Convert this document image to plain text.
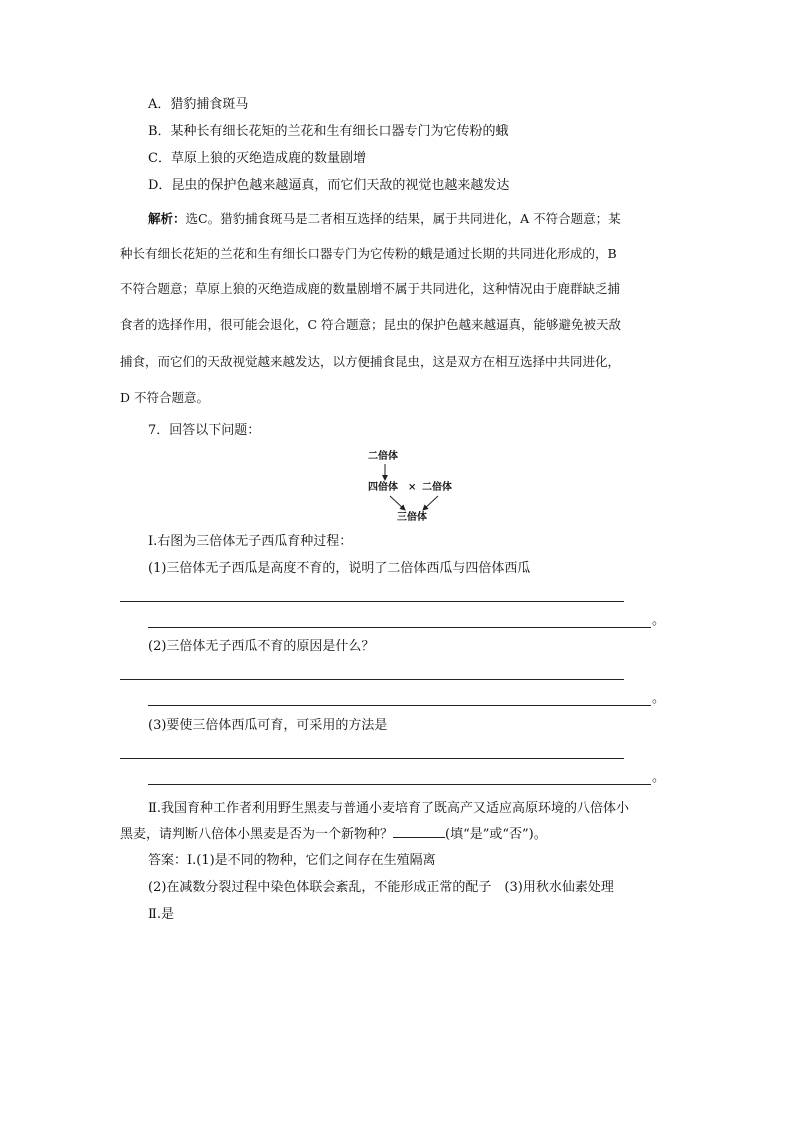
A．猎豹捕食斑马
B．某种长有细长花矩的兰花和生有细长口器专门为它传粉的蛾
C．草原上狼的灭绝造成鹿的数量剧增
D．昆虫的保护色越来越逼真，而它们天敌的视觉也越来越发达
解析：选C。猎豹捕食斑马是二者相互选择的结果，属于共同进化，A 不符合题意；某
种长有细长花矩的兰花和生有细长口器专门为它传粉的蛾是通过长期的共同进化形成的，B
不符合题意；草原上狼的灭绝造成鹿的数量剧增不属于共同进化，这种情况由于鹿群缺乏捕
食者的选择作用，很可能会退化，C 符合题意；昆虫的保护色越来越逼真，能够避免被天敌
捕食，而它们的天敌视觉越来越发达，以方便捕食昆虫，这是双方在相互选择中共同进化，
D 不符合题意。
7．回答以下问题：
二倍体
四倍体 × 二倍体
三倍体
Ⅰ.右图为三倍体无子西瓜育种过程：
(1)三倍体无子西瓜是高度不育的，说明了二倍体西瓜与四倍体西瓜
。
(2)三倍体无子西瓜不育的原因是什么？
。
(3)要使三倍体西瓜可育，可采用的方法是
。
Ⅱ.我国育种工作者利用野生黑麦与普通小麦培育了既高产又适应高原环境的八倍体小
黑麦，请判断八倍体小黑麦是否为一个新物种？	(填“是”或“否”)。
答案：Ⅰ.(1)是不同的物种，它们之间存在生殖隔离
(2)在减数分裂过程中染色体联会紊乱，不能形成正常的配子　(3)用秋水仙素处理
Ⅱ.是
